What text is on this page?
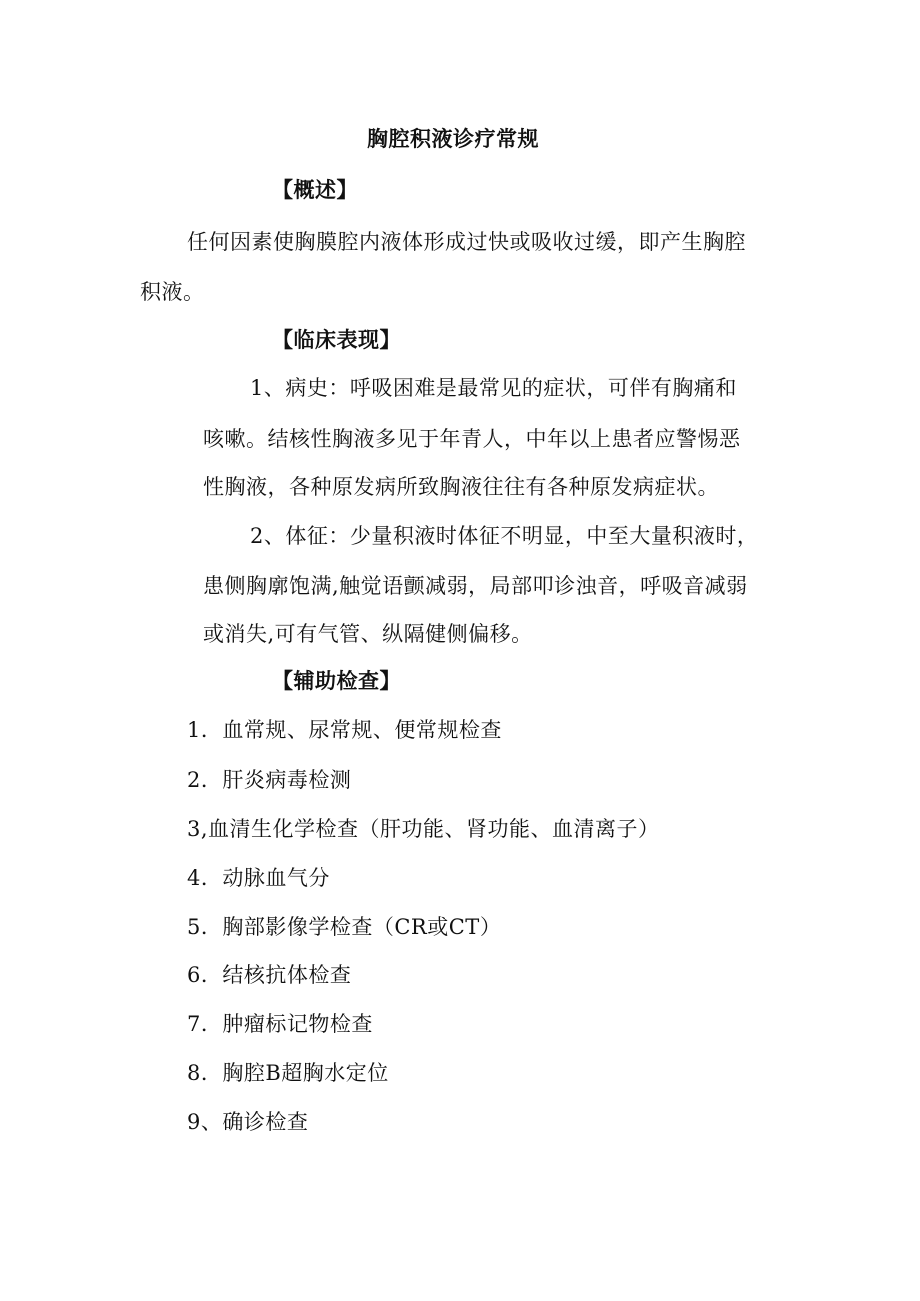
胸腔积液诊疗常规
【概述】
任何因素使胸膜腔内液体形成过快或吸收过缓，即产生胸腔
积液。
【临床表现】
1、病史：呼吸困难是最常见的症状，可伴有胸痛和
咳嗽。结核性胸液多见于年青人，中年以上患者应警惕恶
性胸液，各种原发病所致胸液往往有各种原发病症状。
2、体征：少量积液时体征不明显，中至大量积液时，
患侧胸廓饱满,触觉语颤减弱，局部叩诊浊音，呼吸音减弱
或消失,可有气管、纵隔健侧偏移。
【辅助检查】
1．血常规、尿常规、便常规检查
2．肝炎病毒检测
3,血清生化学检查（肝功能、肾功能、血清离子）
4．动脉血气分
5．胸部影像学检查（CR或CT）
6．结核抗体检查
7．肿瘤标记物检查
8．胸腔B超胸水定位
9、确诊检查
